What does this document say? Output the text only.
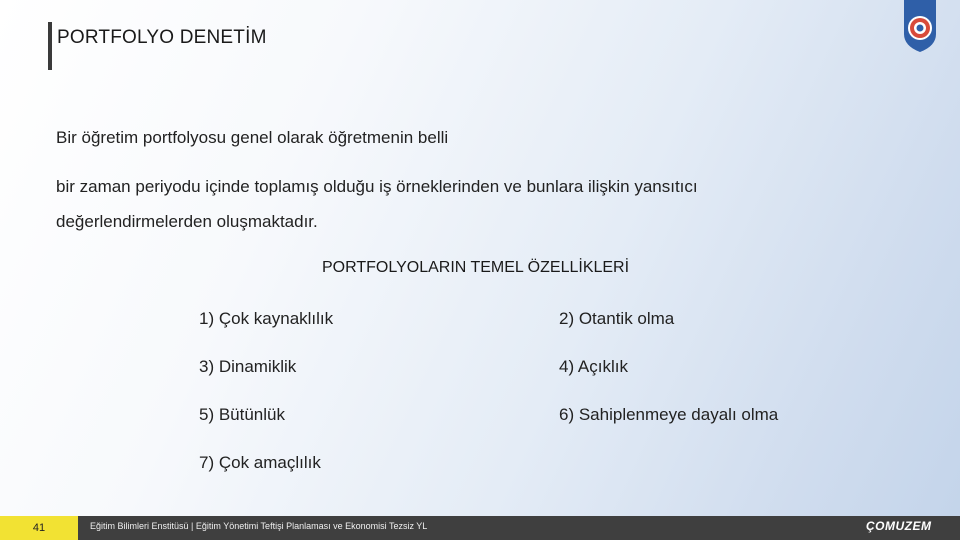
PORTFOLYO DENETİM
Bir öğretim portfolyosu genel olarak öğretmenin belli
bir zaman periyodu içinde toplamış olduğu iş örneklerinden ve bunlara ilişkin yansıtıcı
değerlendirmelerden oluşmaktadır.
PORTFOLYOLARIN TEMEL ÖZELLİKLERİ
1) Çok kaynaklılık	2) Otantik olma
3) Dinamiklik	4) Açıklık
5) Bütünlük	6) Sahiplenmeye dayalı olma
7) Çok amaçlılık
41	Eğitim Bilimleri Enstitüsü | Eğitim Yönetimi Teftişi Planlaması ve Ekonomisi Tezsiz YL	ÇOMUZEM
